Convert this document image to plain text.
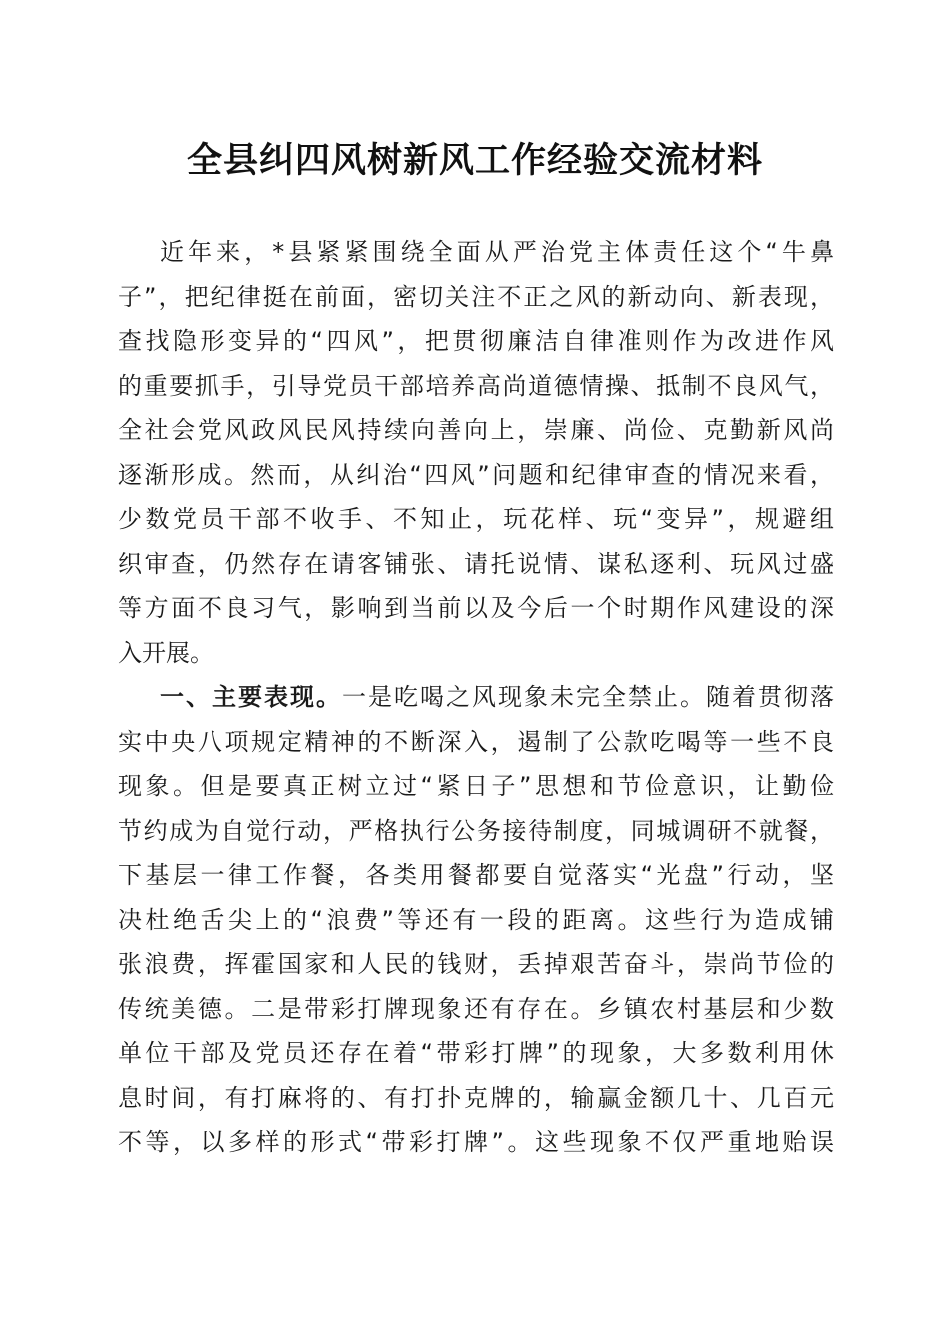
全县纠四风树新风工作经验交流材料
近年来，*县紧紧围绕全面从严治党主体责任这个“牛鼻
子”，把纪律挺在前面，密切关注不正之风的新动向、新表现，
查找隐形变异的“四风”，把贯彻廉洁自律准则作为改进作风
的重要抓手，引导党员干部培养高尚道德情操、抵制不良风气，
全社会党风政风民风持续向善向上，崇廉、尚俭、克勤新风尚
逐渐形成。然而，从纠治“四风”问题和纪律审查的情况来看，
少数党员干部不收手、不知止，玩花样、玩“变异”，规避组
织审查，仍然存在请客铺张、请托说情、谋私逐利、玩风过盛
等方面不良习气，影响到当前以及今后一个时期作风建设的深
入开展。
一、主要表现。一是吃喝之风现象未完全禁止。随着贯彻落
实中央八项规定精神的不断深入，遏制了公款吃喝等一些不良
现象。但是要真正树立过“紧日子”思想和节俭意识，让勤俭
节约成为自觉行动，严格执行公务接待制度，同城调研不就餐，
下基层一律工作餐，各类用餐都要自觉落实“光盘”行动，坚
决杜绝舌尖上的“浪费”等还有一段的距离。这些行为造成铺
张浪费，挥霍国家和人民的钱财，丢掉艰苦奋斗，崇尚节俭的
传统美德。二是带彩打牌现象还有存在。乡镇农村基层和少数
单位干部及党员还存在着“带彩打牌”的现象，大多数利用休
息时间，有打麻将的、有打扑克牌的，输赢金额几十、几百元
不等，以多样的形式“带彩打牌”。这些现象不仅严重地贻误
